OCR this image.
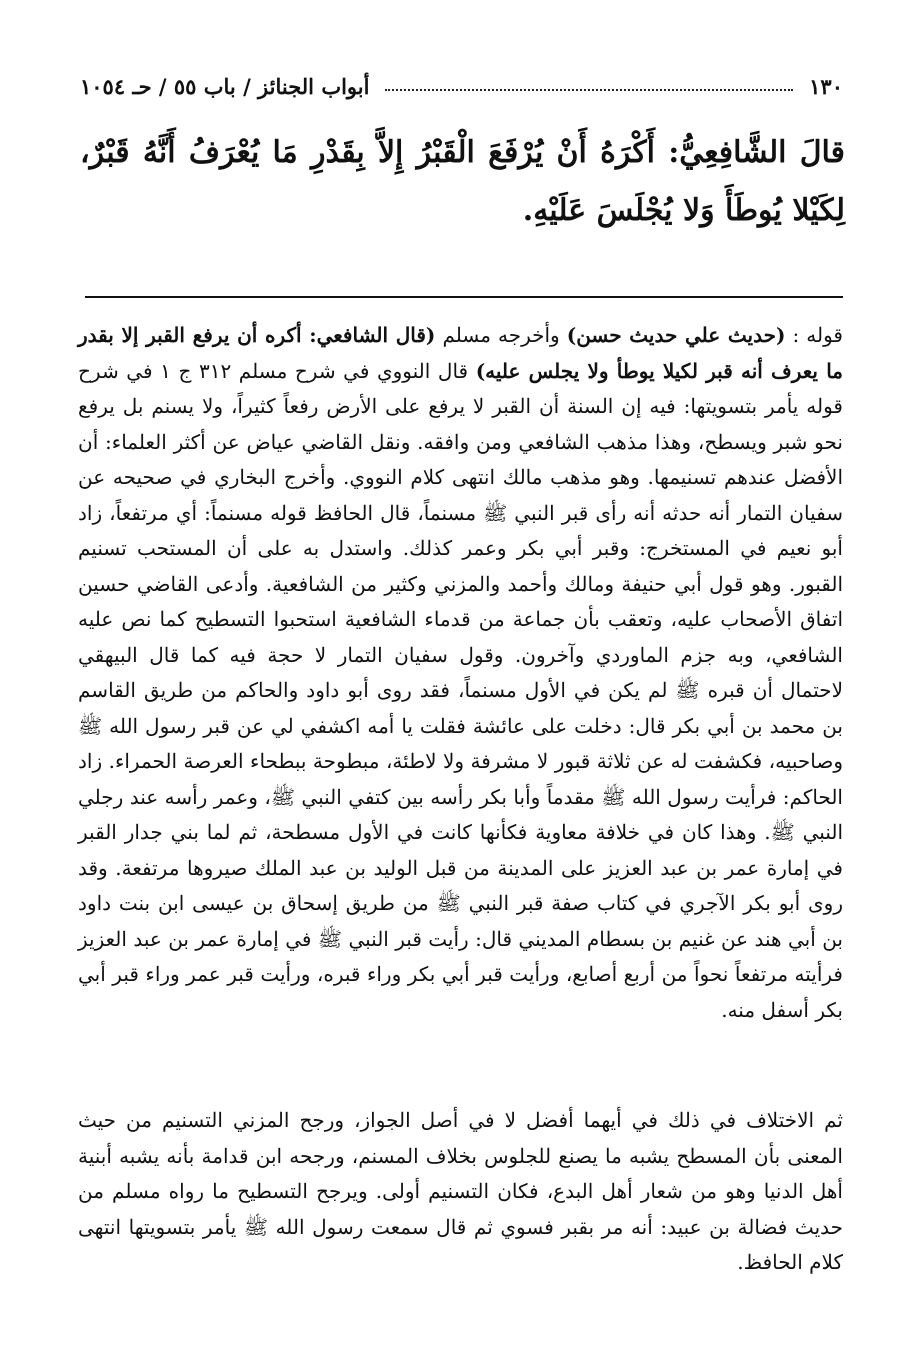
١٣٠
أبواب الجنائز / باب ٥٥ / حـ ١٠٥٤

قالَ الشَّافِعِيُّ: أَكْرَهُ أَنْ يُرْفَعَ الْقَبْرُ إِلاَّ بِقَدْرِ مَا يُعْرَفُ أَنَّهُ قَبْرٌ، لِكَيْلا يُوطَأَ وَلا يُجْلَسَ عَلَيْهِ.

قوله : (حديث علي حديث حسن) وأخرجه مسلم (قال الشافعي: أكره أن يرفع القبر إلا بقدر ما يعرف أنه قبر لكيلا يوطأ ولا يجلس عليه) قال النووي في شرح مسلم ٣١٢ ج ١ في شرح قوله يأمر بتسويتها: فيه إن السنة أن القبر لا يرفع على الأرض رفعاً كثيراً، ولا يسنم بل يرفع نحو شبر ويسطح، وهذا مذهب الشافعي ومن وافقه. ونقل القاضي عياض عن أكثر العلماء: أن الأفضل عندهم تسنيمها. وهو مذهب مالك انتهى كلام النووي. وأخرج البخاري في صحيحه عن سفيان التمار أنه حدثه أنه رأى قبر النبي ﷺ مسنماً، قال الحافظ قوله مسنماً: أي مرتفعاً، زاد أبو نعيم في المستخرج: وقبر أبي بكر وعمر كذلك. واستدل به على أن المستحب تسنيم القبور. وهو قول أبي حنيفة ومالك وأحمد والمزني وكثير من الشافعية. وأدعى القاضي حسين اتفاق الأصحاب عليه، وتعقب بأن جماعة من قدماء الشافعية استحبوا التسطيح كما نص عليه الشافعي، وبه جزم الماوردي وآخرون. وقول سفيان التمار لا حجة فيه كما قال البيهقي لاحتمال أن قبره ﷺ لم يكن في الأول مسنماً، فقد روى أبو داود والحاكم من طريق القاسم بن محمد بن أبي بكر قال: دخلت على عائشة فقلت يا أمه اكشفي لي عن قبر رسول الله ﷺ وصاحبيه، فكشفت له عن ثلاثة قبور لا مشرفة ولا لاطئة، مبطوحة ببطحاء العرصة الحمراء. زاد الحاكم: فرأيت رسول الله ﷺ مقدماً وأبا بكر رأسه بين كتفي النبي ﷺ، وعمر رأسه عند رجلي النبي ﷺ. وهذا كان في خلافة معاوية فكأنها كانت في الأول مسطحة، ثم لما بني جدار القبر في إمارة عمر بن عبد العزيز على المدينة من قبل الوليد بن عبد الملك صيروها مرتفعة. وقد روى أبو بكر الآجري في كتاب صفة قبر النبي ﷺ من طريق إسحاق بن عيسى ابن بنت داود بن أبي هند عن غنيم بن بسطام المديني قال: رأيت قبر النبي ﷺ في إمارة عمر بن عبد العزيز فرأيته مرتفعاً نحواً من أربع أصابع، ورأيت قبر أبي بكر وراء قبره، ورأيت قبر عمر وراء قبر أبي بكر أسفل منه.

ثم الاختلاف في ذلك في أيهما أفضل لا في أصل الجواز، ورجح المزني التسنيم من حيث المعنى بأن المسطح يشبه ما يصنع للجلوس بخلاف المسنم، ورجحه ابن قدامة بأنه يشبه أبنية أهل الدنيا وهو من شعار أهل البدع، فكان التسنيم أولى. ويرجح التسطيح ما رواه مسلم من حديث فضالة بن عبيد: أنه مر بقبر فسوي ثم قال سمعت رسول الله ﷺ يأمر بتسويتها انتهى كلام الحافظ.
